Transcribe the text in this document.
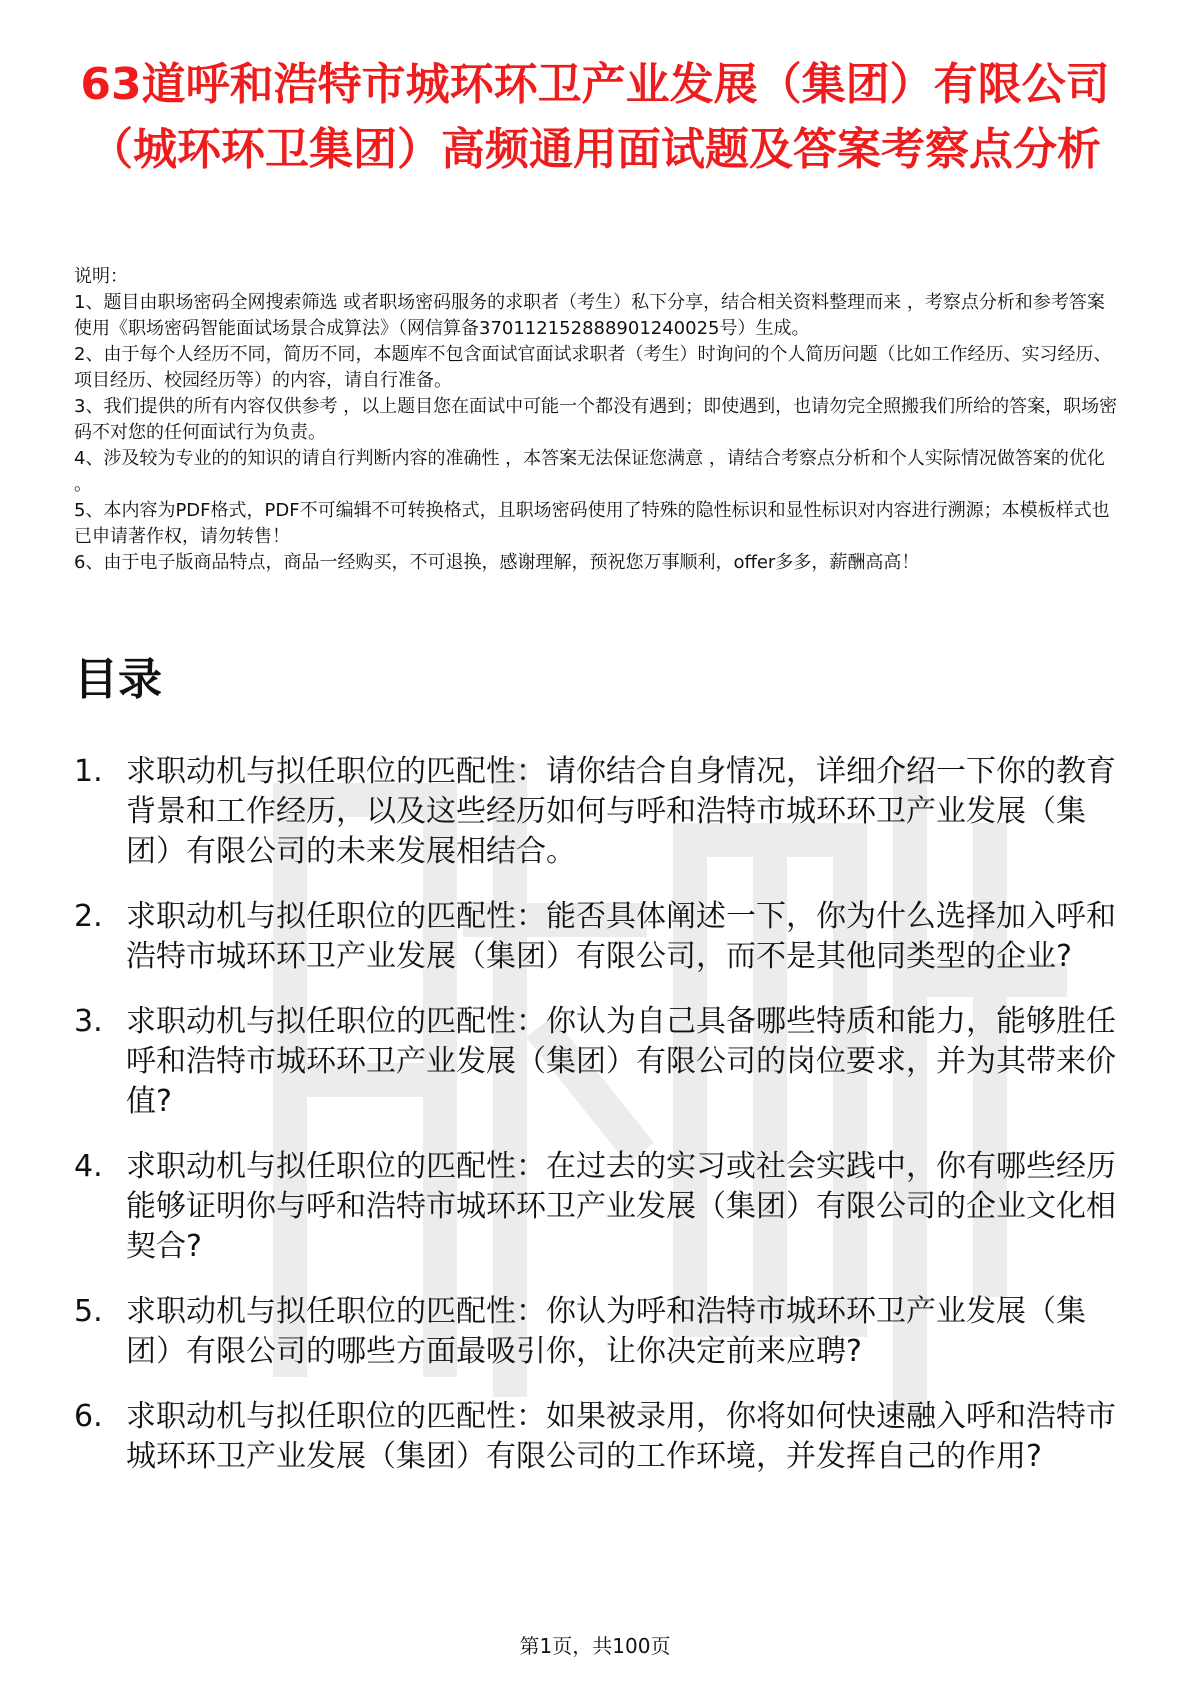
63道呼和浩特市城环环卫产业发展（集团）有限公司（城环环卫集团）高频通用面试题及答案考察点分析

说明：

1、题目由职场密码全网搜索筛选 或者职场密码服务的求职者（考生）私下分享，结合相关资料整理而来 ，考察点分析和参考答案使用《职场密码智能面试场景合成算法》（网信算备370112152888901240025号）生成。

2、由于每个人经历不同，简历不同，本题库不包含面试官面试求职者（考生）时询问的个人简历问题（比如工作经历、实习经历、项目经历、校园经历等）的内容，请自行准备。

3、我们提供的所有内容仅供参考 ，以上题目您在面试中可能一个都没有遇到；即使遇到，也请勿完全照搬我们所给的答案，职场密码不对您的任何面试行为负责。

4、涉及较为专业的的知识的请自行判断内容的准确性 ，本答案无法保证您满意 ，请结合考察点分析和个人实际情况做答案的优化 。

5、本内容为PDF格式，PDF不可编辑不可转换格式，且职场密码使用了特殊的隐性标识和显性标识对内容进行溯源；本模板样式也已申请著作权，请勿转售！

6、由于电子版商品特点，商品一经购买，不可退换，感谢理解，预祝您万事顺利，offer多多，薪酬高高！

目录
1. 求职动机与拟任职位的匹配性：请你结合自身情况，详细介绍一下你的教育背景和工作经历，以及这些经历如何与呼和浩特市城环环卫产业发展（集团）有限公司的未来发展相结合。
2. 求职动机与拟任职位的匹配性：能否具体阐述一下，你为什么选择加入呼和浩特市城环环卫产业发展（集团）有限公司，而不是其他同类型的企业?
3. 求职动机与拟任职位的匹配性：你认为自己具备哪些特质和能力，能够胜任呼和浩特市城环环卫产业发展（集团）有限公司的岗位要求，并为其带来价值?
4. 求职动机与拟任职位的匹配性：在过去的实习或社会实践中，你有哪些经历能够证明你与呼和浩特市城环环卫产业发展（集团）有限公司的企业文化相契合?
5. 求职动机与拟任职位的匹配性：你认为呼和浩特市城环环卫产业发展（集团）有限公司的哪些方面最吸引你，让你决定前来应聘?
6. 求职动机与拟任职位的匹配性：如果被录用，你将如何快速融入呼和浩特市城环环卫产业发展（集团）有限公司的工作环境，并发挥自己的作用?
第1页，共100页
